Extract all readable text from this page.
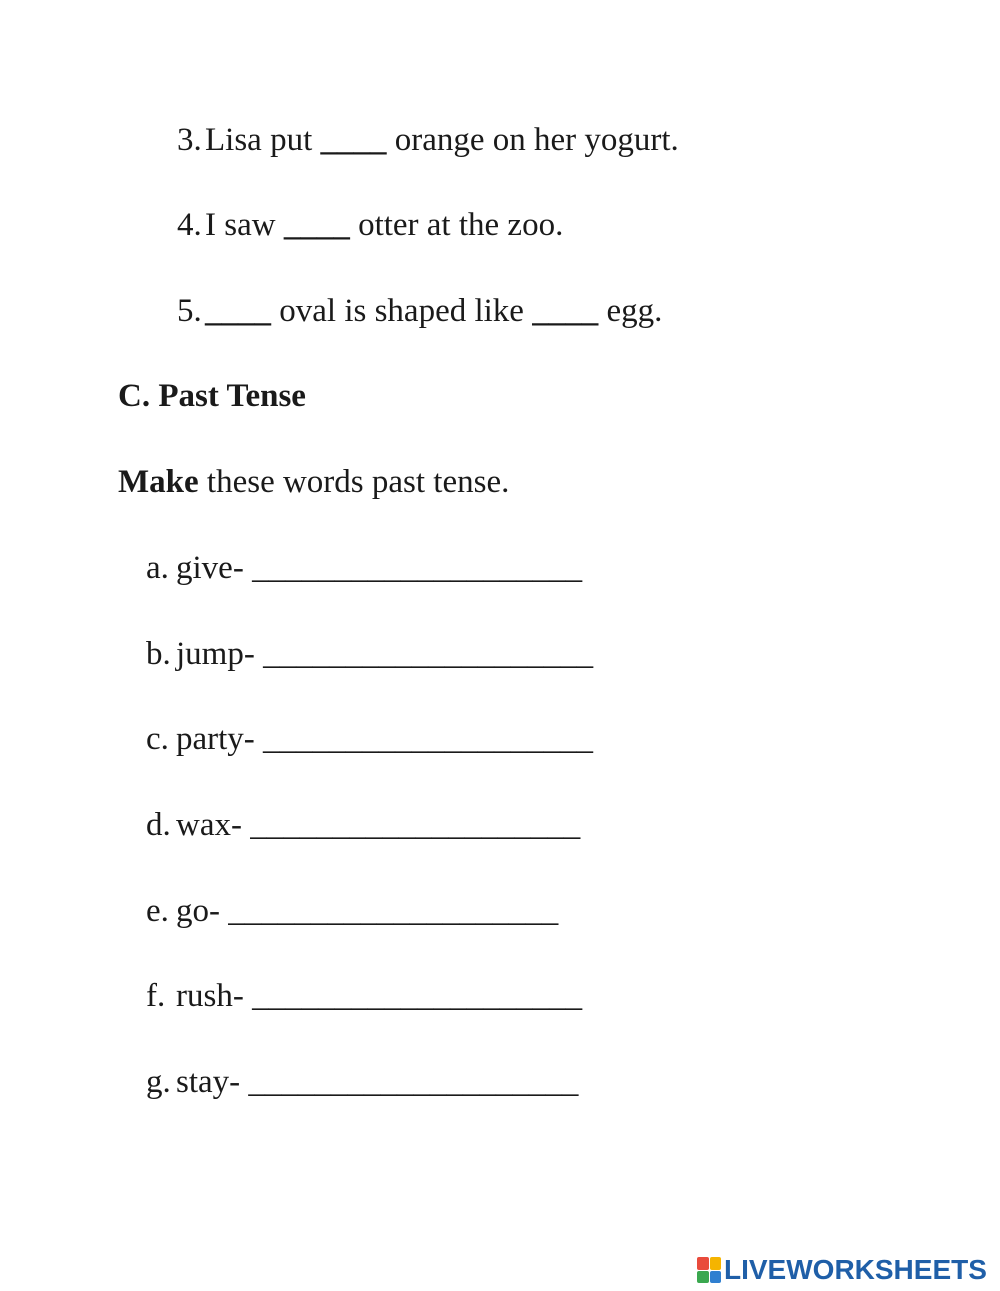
3.Lisa put ____ orange on her yogurt.
4.I saw ____ otter at the zoo.
5.____ oval is shaped like ____ egg.
C. Past Tense
Make these words past tense.
a. give- ____________________
b. jump- ____________________
c. party- ____________________
d. wax- ____________________
e. go- ____________________
f. rush- ____________________
g. stay- ____________________
LIVEWORKSHEETS
